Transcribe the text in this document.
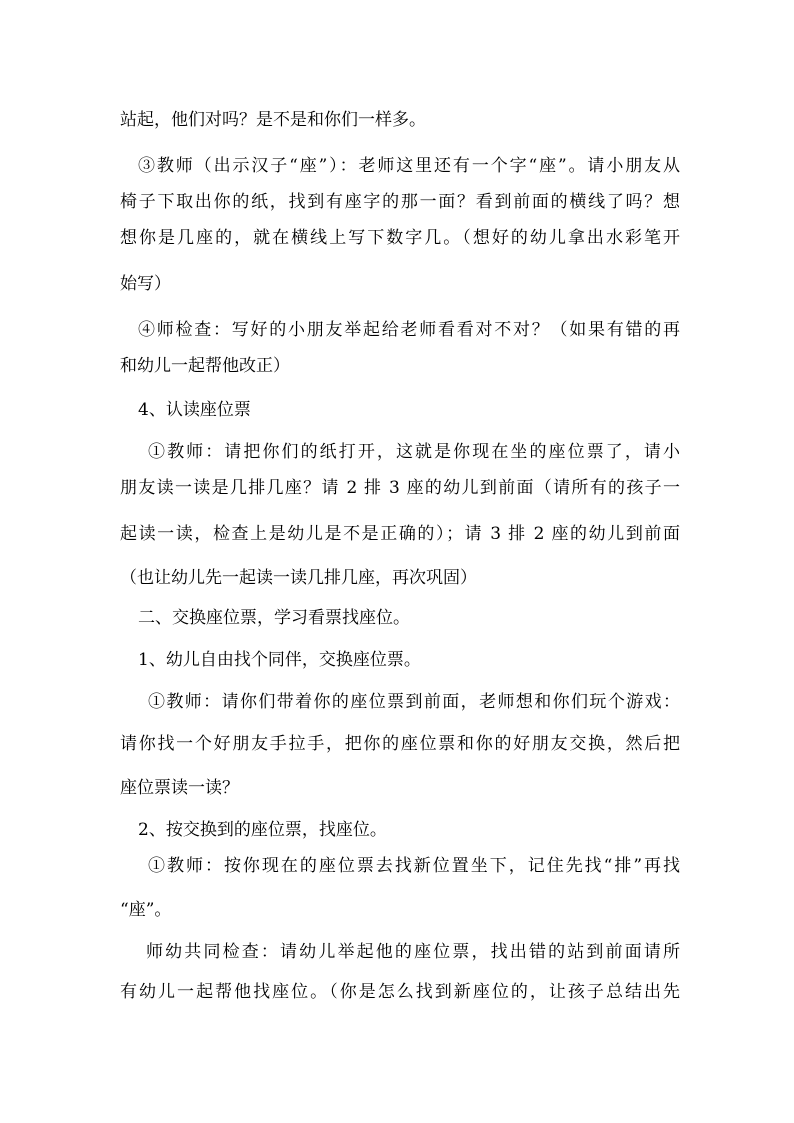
站起，他们对吗？是不是和你们一样多。
③教师（出示汉子“座”）：老师这里还有一个字“座”。请小朋友从
椅子下取出你的纸，找到有座字的那一面？看到前面的横线了吗？想
想你是几座的，就在横线上写下数字几。（想好的幼儿拿出水彩笔开
始写）
④师检查：写好的小朋友举起给老师看看对不对？（如果有错的再
和幼儿一起帮他改正）
4、认读座位票
①教师：请把你们的纸打开，这就是你现在坐的座位票了，请小
朋友读一读是几排几座？请 2 排 3 座的幼儿到前面（请所有的孩子一
起读一读，检查上是幼儿是不是正确的）；请 3 排 2 座的幼儿到前面
（也让幼儿先一起读一读几排几座，再次巩固）
二、交换座位票，学习看票找座位。
1、幼儿自由找个同伴，交换座位票。
①教师：请你们带着你的座位票到前面，老师想和你们玩个游戏：
请你找一个好朋友手拉手，把你的座位票和你的好朋友交换，然后把
座位票读一读？
2、按交换到的座位票，找座位。
①教师：按你现在的座位票去找新位置坐下，记住先找“排”再找
“座”。
师幼共同检查：请幼儿举起他的座位票，找出错的站到前面请所
有幼儿一起帮他找座位。（你是怎么找到新座位的，让孩子总结出先
